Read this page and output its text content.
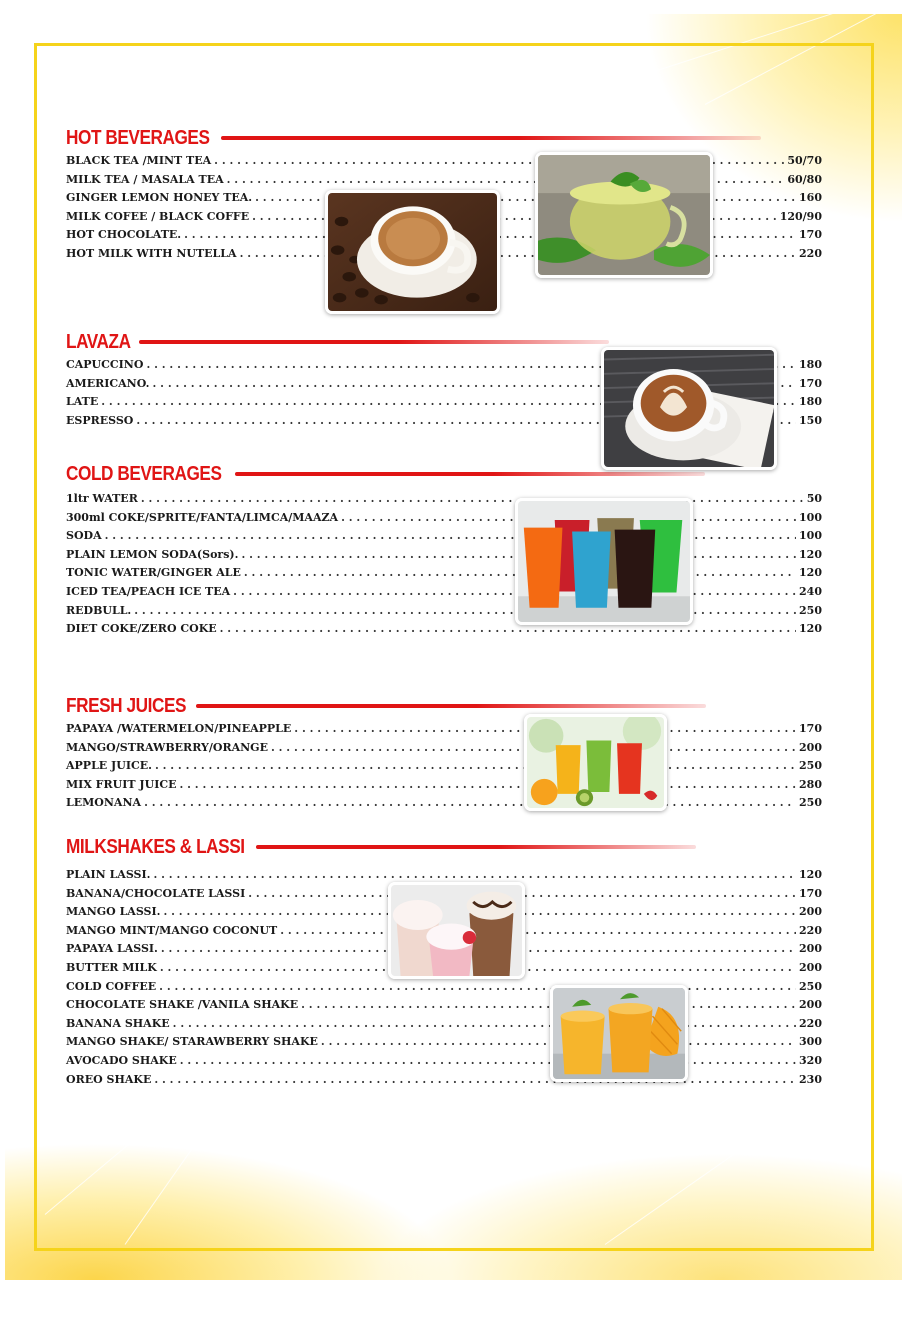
HOT BEVERAGES
BLACK TEA /MINT TEA . . .	50/70
MILK TEA / MASALA TEA . . .	60/80
GINGER LEMON HONEY TEA. . . .	160
MILK COFEE / BLACK COFFE . . .	120/90
HOT CHOCOLATE. . . .	170
HOT MILK WITH NUTELLA . . .	220
LAVAZA
CAPUCCINO . . .	180
AMERICANO. . . .	170
LATE . . .	180
ESPRESSO . . .	150
COLD BEVERAGES
1ltr WATER . . .	50
300ml COKE/SPRITE/FANTA/LIMCA/MAAZA . . .	100
SODA . . .	100
PLAIN LEMON SODA(Sors). . . .	120
TONIC WATER/GINGER ALE . . .	120
ICED TEA/PEACH ICE TEA . . .	240
REDBULL. . . .	250
DIET COKE/ZERO COKE . . .	120
FRESH JUICES
PAPAYA /WATERMELON/PINEAPPLE . . .	170
MANGO/STRAWBERRY/ORANGE . . .	200
APPLE JUICE. . . .	250
MIX FRUIT JUICE . . .	280
LEMONANA . . .	250
MILKSHAKES & LASSI
PLAIN LASSI. . . .	120
BANANA/CHOCOLATE LASSI . . .	170
MANGO LASSI. . . .	200
MANGO MINT/MANGO COCONUT . . .	220
PAPAYA LASSI. . . .	200
BUTTER MILK . . .	200
COLD COFFEE . . .	250
CHOCOLATE SHAKE /VANILA SHAKE . . .	200
BANANA SHAKE . . .	220
MANGO SHAKE/ STARAWBERRY SHAKE . . .	300
AVOCADO SHAKE . . .	320
OREO SHAKE . . .	230
